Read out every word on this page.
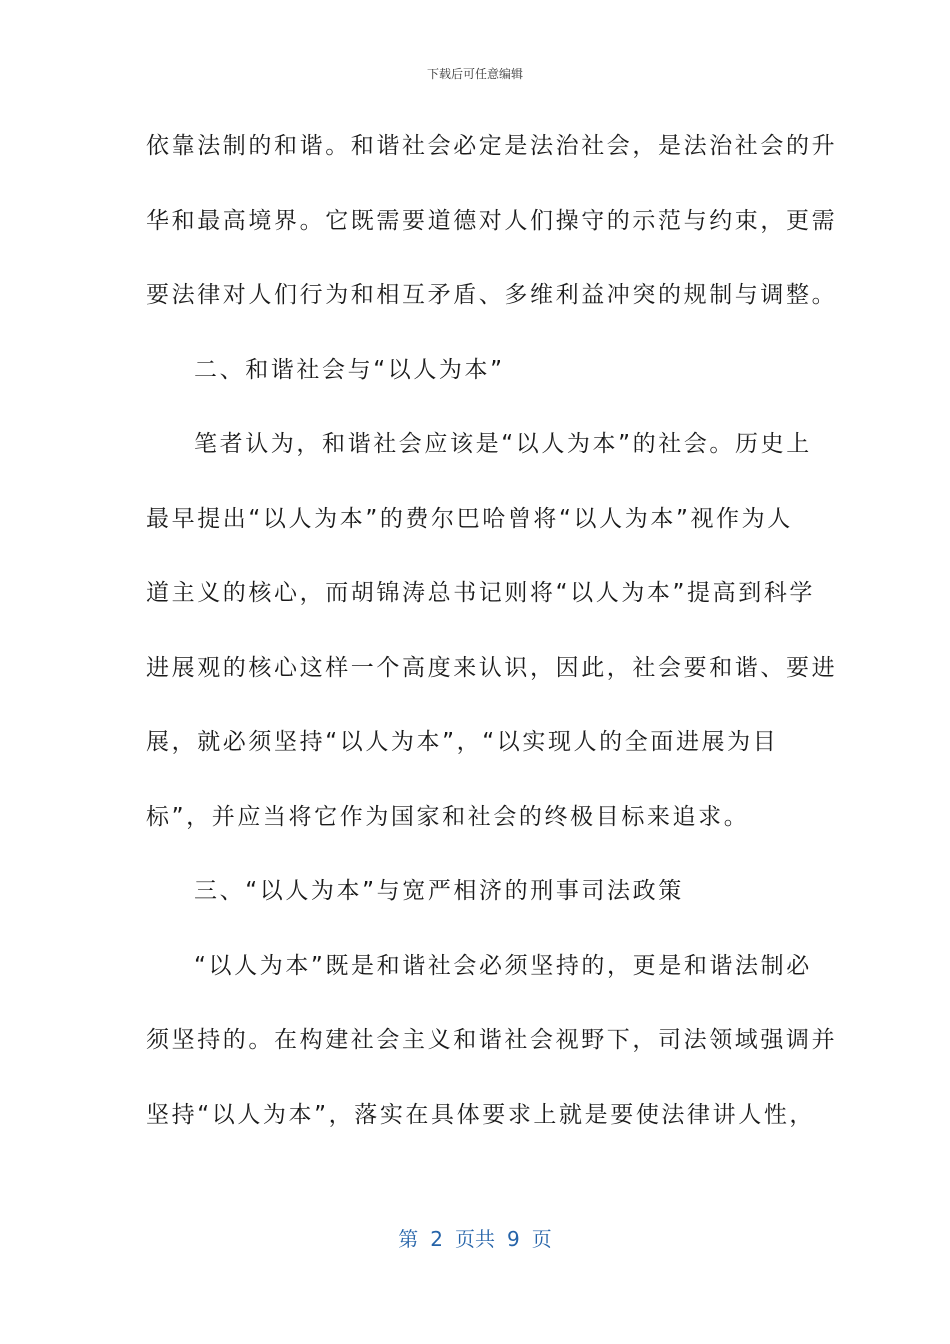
下载后可任意编辑
依靠法制的和谐。和谐社会必定是法治社会，是法治社会的升
华和最高境界。它既需要道德对人们操守的示范与约束，更需
要法律对人们行为和相互矛盾、多维利益冲突的规制与调整。
二、和谐社会与“以人为本”
笔者认为，和谐社会应该是“以人为本”的社会。历史上
最早提出“以人为本”的费尔巴哈曾将“以人为本”视作为人
道主义的核心，而胡锦涛总书记则将“以人为本”提高到科学
进展观的核心这样一个高度来认识，因此，社会要和谐、要进
展，就必须坚持“以人为本”，“以实现人的全面进展为目
标”，并应当将它作为国家和社会的终极目标来追求。
三、“以人为本”与宽严相济的刑事司法政策
“以人为本”既是和谐社会必须坚持的，更是和谐法制必
须坚持的。在构建社会主义和谐社会视野下，司法领域强调并
坚持“以人为本”，落实在具体要求上就是要使法律讲人性，
第 2 页共 9 页
